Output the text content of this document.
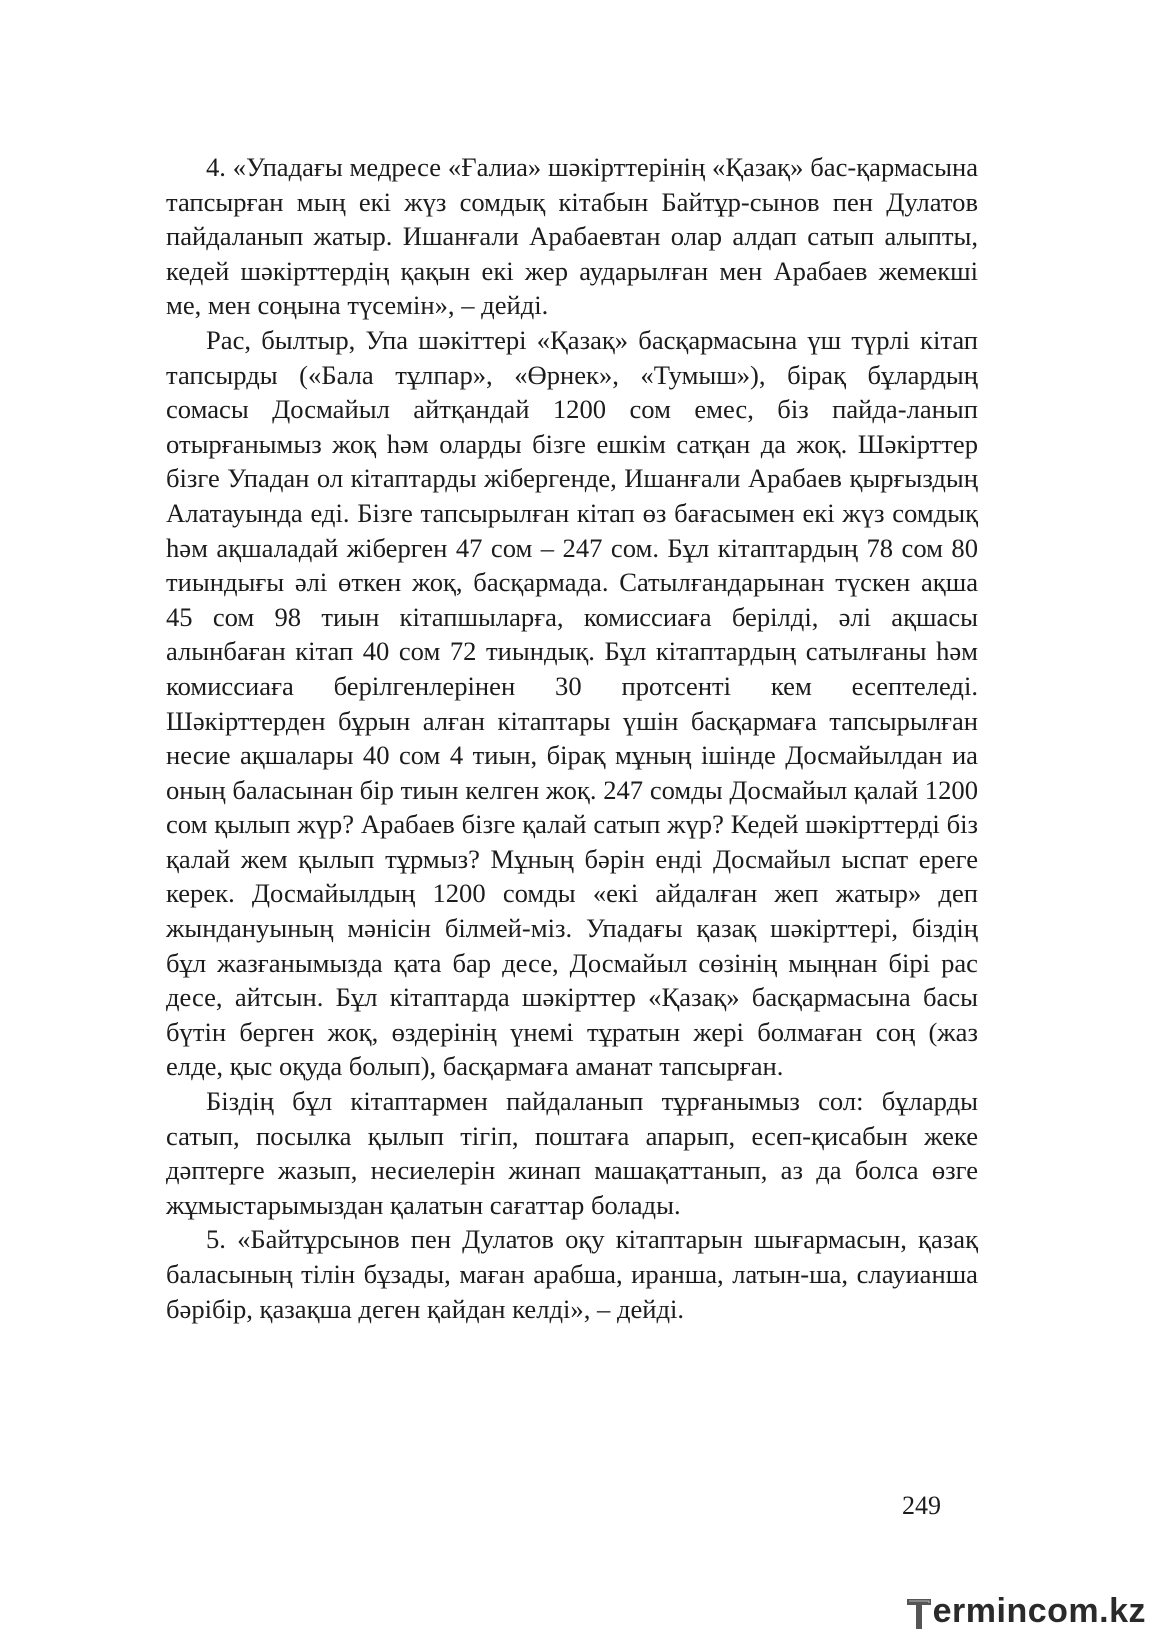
4. «Упадағы медресе «Ғалиа» шәкірттерінің «Қазақ» бас-қармасына тапсырған мың екі жүз сомдық кітабын Байтұр-сынов пен Дулатов пайдаланып жатыр. Ишанғали Арабаевтан олар алдап сатып алыпты, кедей шәкірттердің қақын екі жер аударылған мен Арабаев жемекші ме, мен соңына түсемін», – дейді.

Рас, былтыр, Упа шәкіттері «Қазақ» басқармасына үш түрлі кітап тапсырды («Бала тұлпар», «Өрнек», «Тумыш»), бірақ бұлардың сомасы Досмайыл айтқандай 1200 сом емес, біз пайда-ланып отырғанымыз жоқ һәм оларды бізге ешкім сатқан да жоқ. Шәкірттер бізге Упадан ол кітаптарды жібергенде, Ишанғали Арабаев қырғыздың Алатауында еді. Бізге тапсырылған кітап өз бағасымен екі жүз сомдық һәм ақшаладай жіберген 47 сом – 247 сом. Бұл кітаптардың 78 сом 80 тиындығы әлі өткен жоқ, басқармада. Сатылғандарынан түскен ақша 45 сом 98 тиын кітапшыларға, комиссиаға берілді, әлі ақшасы алынбаған кітап 40 сом 72 тиындық. Бұл кітаптардың сатылғаны һәм комиссиаға берілгенлерінен 30 протсенті кем есептеледі. Шәкірттерден бұрын алған кітаптары үшін басқармаға тапсырылған несие ақшалары 40 сом 4 тиын, бірақ мұның ішінде Досмайылдан иа оның баласынан бір тиын келген жоқ. 247 сомды Досмайыл қалай 1200 сом қылып жүр? Арабаев бізге қалай сатып жүр? Кедей шәкірттерді біз қалай жем қылып тұрмыз? Мұның бәрін енді Досмайыл ыспат ереге керек. Досмайылдың 1200 сомды «екі айдалған жеп жатыр» деп жындануының мәнісін білмей-міз. Упадағы қазақ шәкірттері, біздің бұл жазғанымызда қата бар десе, Досмайыл сөзінің мыңнан бірі рас десе, айтсын. Бұл кітаптарда шәкірттер «Қазақ» басқармасына басы бүтін берген жоқ, өздерінің үнемі тұратын жері болмаған соң (жаз елде, қыс оқуда болып), басқармаға аманат тапсырған.

Біздің бұл кітаптармен пайдаланып тұрғанымыз сол: бұларды сатып, посылка қылып тігіп, поштаға апарып, есеп-қисабын жеке дәптерге жазып, несиелерін жинап машақаттанып, аз да болса өзге жұмыстарымыздан қалатын сағаттар болады.

5. «Байтұрсынов пен Дулатов оқу кітаптарын шығармасын, қазақ баласының тілін бұзады, маған арабша, иранша, латын-ша, слауианша бәрібір, қазақша деген қайдан келді», – дейді.

249
ermincom.kz
